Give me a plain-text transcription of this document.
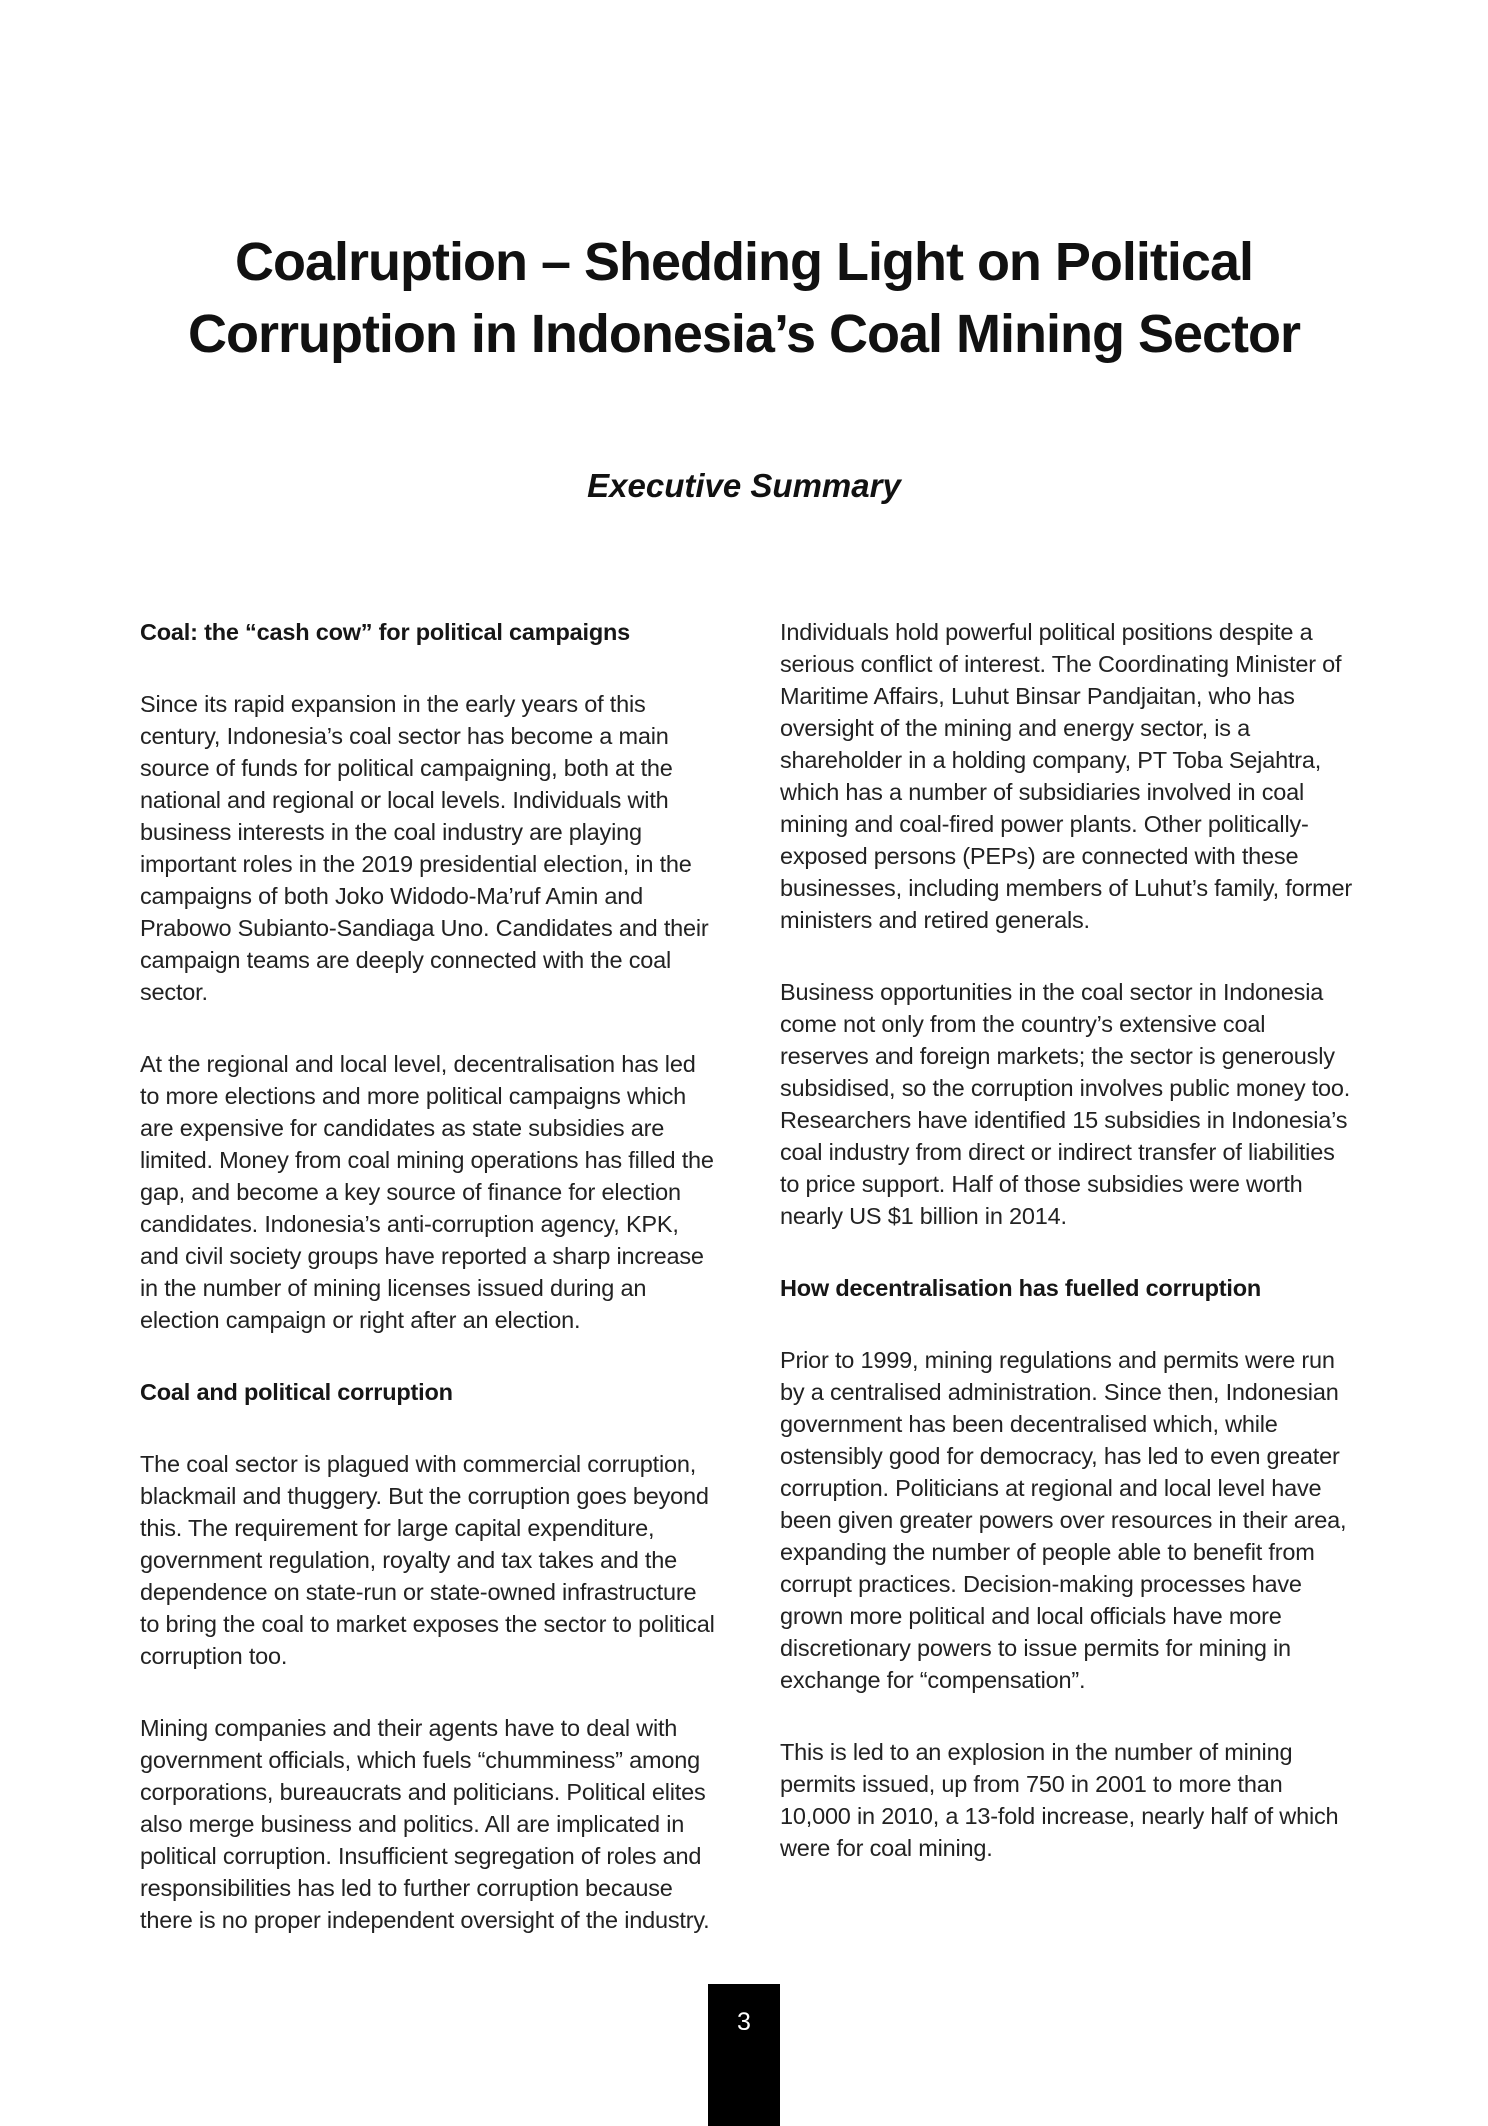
Coalruption – Shedding Light on Political
Corruption in Indonesia’s Coal Mining Sector
Executive Summary
Coal: the “cash cow” for political campaigns
Since its rapid expansion in the early years of this century, Indonesia’s coal sector has become a main source of funds for political campaigning, both at the national and regional or local levels. Individuals with business interests in the coal industry are playing important roles in the 2019 presidential election, in the campaigns of both Joko Widodo-Ma’ruf Amin and Prabowo Subianto-Sandiaga Uno. Candidates and their campaign teams are deeply connected with the coal sector.
At the regional and local level, decentralisation has led to more elections and more political campaigns which are expensive for candidates as state subsidies are limited. Money from coal mining operations has filled the gap, and become a key source of finance for election candidates. Indonesia’s anti-corruption agency, KPK, and civil society groups have reported a sharp increase in the number of mining licenses issued during an election campaign or right after an election.
Coal and political corruption
The coal sector is plagued with commercial corruption, blackmail and thuggery. But the corruption goes beyond this. The requirement for large capital expenditure, government regulation, royalty and tax takes and the dependence on state-run or state-owned infrastructure to bring the coal to market exposes the sector to political corruption too.
Mining companies and their agents have to deal with government officials, which fuels “chumminess” among corporations, bureaucrats and politicians. Political elites also merge business and politics. All are implicated in political corruption. Insufficient segregation of roles and responsibilities has led to further corruption because there is no proper independent oversight of the industry.
Individuals hold powerful political positions despite a serious conflict of interest. The Coordinating Minister of Maritime Affairs, Luhut Binsar Pandjaitan, who has oversight of the mining and energy sector, is a shareholder in a holding company, PT Toba Sejahtra, which has a number of subsidiaries involved in coal mining and coal-fired power plants. Other politically-exposed persons (PEPs) are connected with these businesses, including members of Luhut’s family, former ministers and retired generals.
Business opportunities in the coal sector in Indonesia come not only from the country’s extensive coal reserves and foreign markets; the sector is generously subsidised, so the corruption involves public money too. Researchers have identified 15 subsidies in Indonesia’s coal industry from direct or indirect transfer of liabilities to price support. Half of those subsidies were worth nearly US $1 billion in 2014.
How decentralisation has fuelled corruption
Prior to 1999, mining regulations and permits were run by a centralised administration. Since then, Indonesian government has been decentralised which, while ostensibly good for democracy, has led to even greater corruption. Politicians at regional and local level have been given greater powers over resources in their area, expanding the number of people able to benefit from corrupt practices. Decision-making processes have grown more political and local officials have more discretionary powers to issue permits for mining in exchange for “compensation”.
This is led to an explosion in the number of mining permits issued, up from 750 in 2001 to more than 10,000 in 2010, a 13-fold increase, nearly half of which were for coal mining.
3
